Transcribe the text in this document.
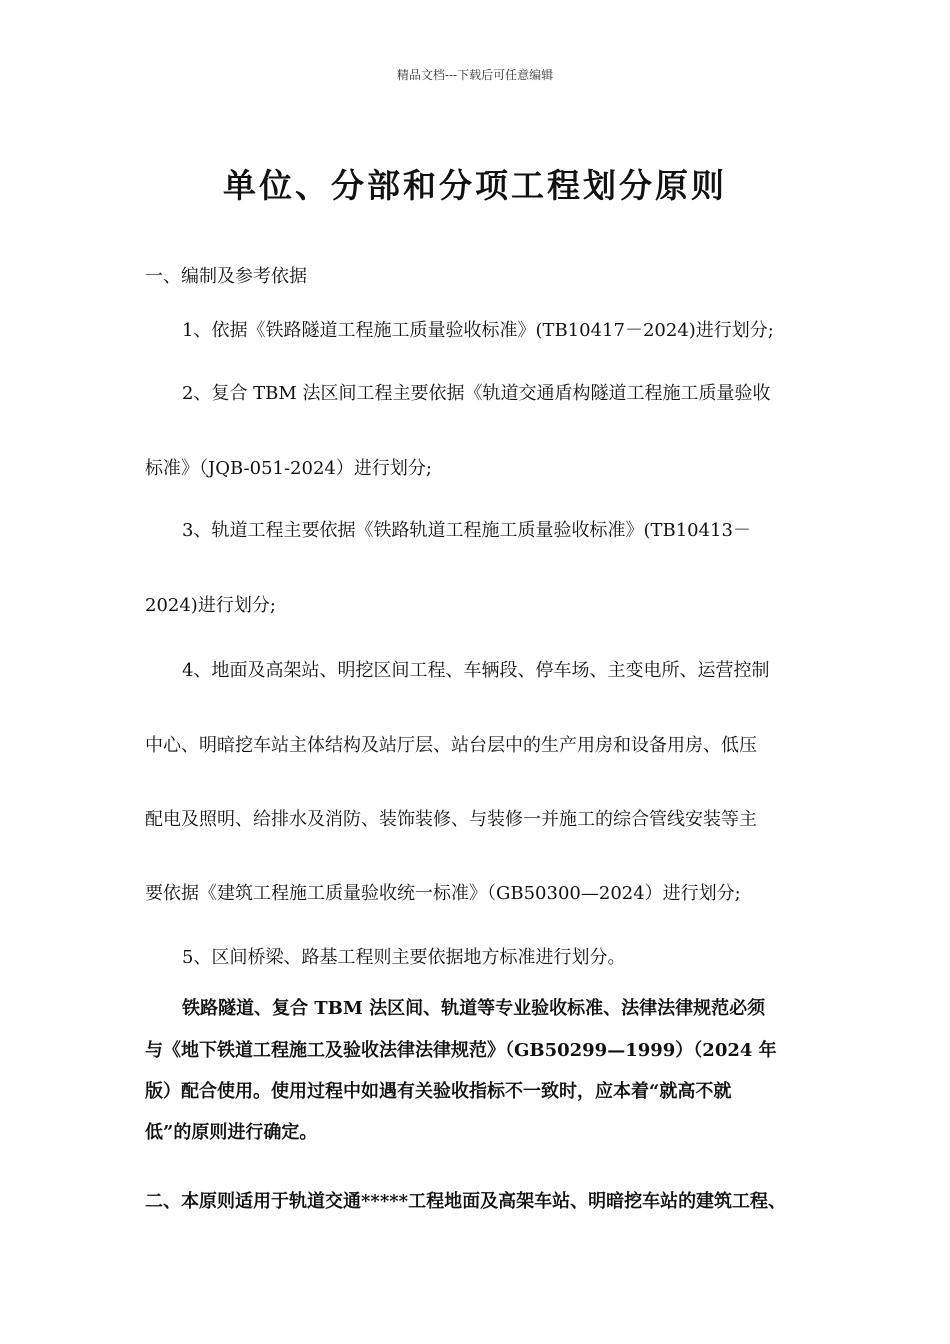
精品文档---下载后可任意编辑
单位、分部和分项工程划分原则
一、编制及参考依据
1、依据《铁路隧道工程施工质量验收标准》(TB10417－2024)进行划分;
2、复合 TBM 法区间工程主要依据《轨道交通盾构隧道工程施工质量验收
标准》（JQB-051-2024）进行划分;
3、轨道工程主要依据《铁路轨道工程施工质量验收标准》(TB10413－
2024)进行划分;
4、地面及高架站、明挖区间工程、车辆段、停车场、主变电所、运营控制
中心、明暗挖车站主体结构及站厅层、站台层中的生产用房和设备用房、低压
配电及照明、给排水及消防、装饰装修、与装修一并施工的综合管线安装等主
要依据《建筑工程施工质量验收统一标准》（GB50300—2024）进行划分;
5、区间桥梁、路基工程则主要依据地方标准进行划分。
铁路隧道、复合 TBM 法区间、轨道等专业验收标准、法律法律规范必须
与《地下铁道工程施工及验收法律法律规范》（GB50299—1999）（2024 年
版）配合使用。使用过程中如遇有关验收指标不一致时，应本着“就高不就
低”的原则进行确定。
二、本原则适用于轨道交通*****工程地面及高架车站、明暗挖车站的建筑工程、
